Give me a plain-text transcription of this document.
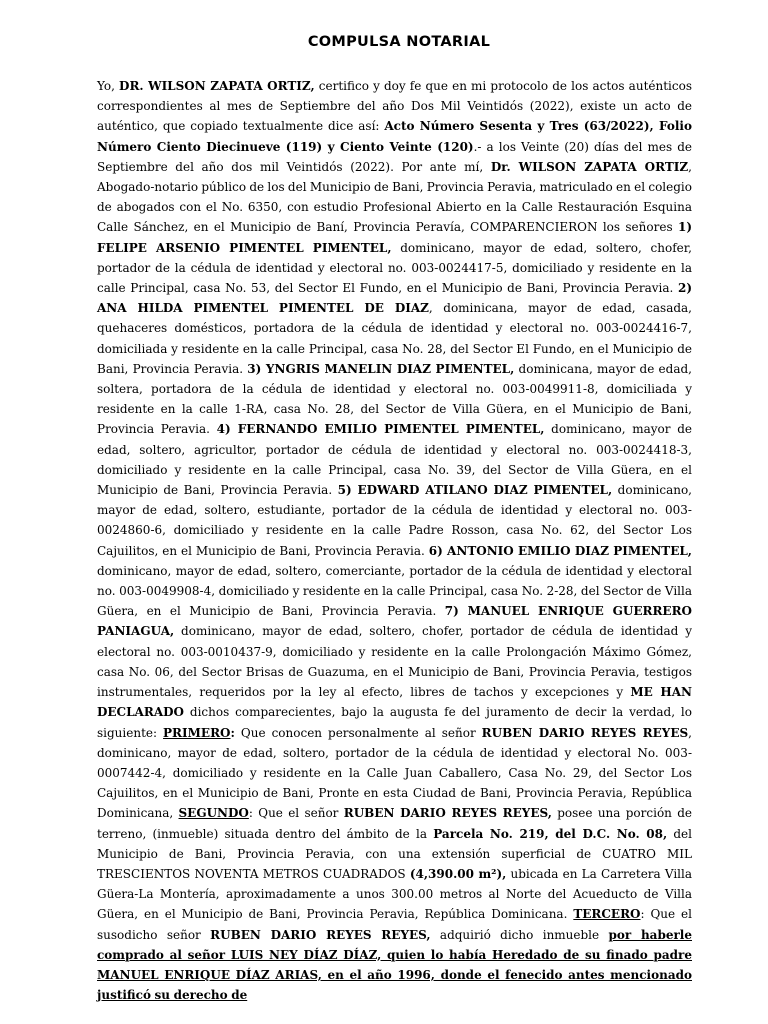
COMPULSA NOTARIAL

Yo, DR. WILSON ZAPATA ORTIZ, certifico y doy fe que en mi protocolo de los actos auténticos correspondientes al mes de Septiembre del año Dos Mil Veintidós (2022), existe un acto de auténtico, que copiado textualmente dice así: Acto Número Sesenta y Tres (63/2022), Folio Número Ciento Diecinueve (119) y Ciento Veinte (120).- a los Veinte (20) días del mes de Septiembre del año dos mil Veintidós (2022). Por ante mí, Dr. WILSON ZAPATA ORTIZ, Abogado-notario público de los del Municipio de Bani, Provincia Peravia, matriculado en el colegio de abogados con el No. 6350, con estudio Profesional Abierto en la Calle Restauración Esquina Calle Sánchez, en el Municipio de Baní, Provincia Peravía, COMPARENCIERON los señores 1) FELIPE ARSENIO PIMENTEL PIMENTEL, dominicano, mayor de edad, soltero, chofer, portador de la cédula de identidad y electoral no. 003-0024417-5, domiciliado y residente en la calle Principal, casa No. 53, del Sector El Fundo, en el Municipio de Bani, Provincia Peravia. 2) ANA HILDA PIMENTEL PIMENTEL DE DIAZ, dominicana, mayor de edad, casada, quehaceres domésticos, portadora de la cédula de identidad y electoral no. 003-0024416-7, domiciliada y residente en la calle Principal, casa No. 28, del Sector El Fundo, en el Municipio de Bani, Provincia Peravia. 3) YNGRIS MANELIN DIAZ PIMENTEL, dominicana, mayor de edad, soltera, portadora de la cédula de identidad y electoral no. 003-0049911-8, domiciliada y residente en la calle 1-RA, casa No. 28, del Sector de Villa Güera, en el Municipio de Bani, Provincia Peravia. 4) FERNANDO EMILIO PIMENTEL PIMENTEL, dominicano, mayor de edad, soltero, agricultor, portador de cédula de identidad y electoral no. 003-0024418-3, domiciliado y residente en la calle Principal, casa No. 39, del Sector de Villa Güera, en el Municipio de Bani, Provincia Peravia. 5) EDWARD ATILANO DIAZ PIMENTEL, dominicano, mayor de edad, soltero, estudiante, portador de la cédula de identidad y electoral no. 003-0024860-6, domiciliado y residente en la calle Padre Rosson, casa No. 62, del Sector Los Cajuilitos, en el Municipio de Bani, Provincia Peravia. 6) ANTONIO EMILIO DIAZ PIMENTEL, dominicano, mayor de edad, soltero, comerciante, portador de la cédula de identidad y electoral no. 003-0049908-4, domiciliado y residente en la calle Principal, casa No. 2-28, del Sector de Villa Güera, en el Municipio de Bani, Provincia Peravia. 7) MANUEL ENRIQUE GUERRERO PANIAGUA, dominicano, mayor de edad, soltero, chofer, portador de cédula de identidad y electoral no. 003-0010437-9, domiciliado y residente en la calle Prolongación Máximo Gómez, casa No. 06, del Sector Brisas de Guazuma, en el Municipio de Bani, Provincia Peravia, testigos instrumentales, requeridos por la ley al efecto, libres de tachos y excepciones y ME HAN DECLARADO dichos comparecientes, bajo la augusta fe del juramento de decir la verdad, lo siguiente: PRIMERO: Que conocen personalmente al señor RUBEN DARIO REYES REYES, dominicano, mayor de edad, soltero, portador de la cédula de identidad y electoral No. 003-0007442-4, domiciliado y residente en la Calle Juan Caballero, Casa No. 29, del Sector Los Cajuilitos, en el Municipio de Bani, Pronte en esta Ciudad de Bani, Provincia Peravia, República Dominicana, SEGUNDO: Que el señor RUBEN DARIO REYES REYES, posee una porción de terreno, (inmueble) situada dentro del ámbito de la Parcela No. 219, del D.C. No. 08, del Municipio de Bani, Provincia Peravia, con una extensión superficial de CUATRO MIL TRESCIENTOS NOVENTA METROS CUADRADOS (4,390.00 m²), ubicada en La Carretera Villa Güera-La Montería, aproximadamente a unos 300.00 metros al Norte del Acueducto de Villa Güera, en el Municipio de Bani, Provincia Peravia, República Dominicana. TERCERO: Que el susodicho señor RUBEN DARIO REYES REYES, adquirió dicho inmueble por haberle comprado al señor LUIS NEY DÍAZ DÍAZ, quien lo había Heredado de su finado padre MANUEL ENRIQUE DÍAZ ARIAS, en el año 1996, donde el fenecido antes mencionado justificó su derecho de
